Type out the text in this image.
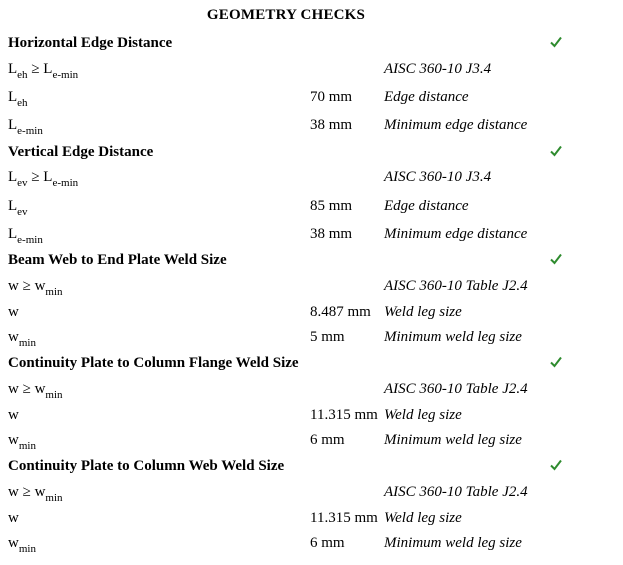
GEOMETRY CHECKS
Horizontal Edge Distance
$L_{eh} \ge L_{e-min}$	AISC 360-10 J3.4
$L_{eh}$	70 mm Edge distance
$L_{e-min}$	38 mm Minimum edge distance
Vertical Edge Distance
$L_{ev} \ge L_{e-min}$	AISC 360-10 J3.4
$L_{ev}$	85 mm Edge distance
$L_{e-min}$	38 mm Minimum edge distance
Beam Web to End Plate Weld Size
$w \ge w_{min}$	AISC 360-10 Table J2.4
w	8.487 mm Weld leg size
$w_{min}$	5 mm	Minimum weld leg size
Continuity Plate to Column Flange Weld Size
$w \ge w_{min}$	AISC 360-10 Table J2.4
w	11.315 mm Weld leg size
$w_{min}$	6 mm	Minimum weld leg size
Continuity Plate to Column Web Weld Size
$w \ge w_{min}$	AISC 360-10 Table J2.4
w	11.315 mm Weld leg size
$w_{min}$	6 mm	Minimum weld leg size
